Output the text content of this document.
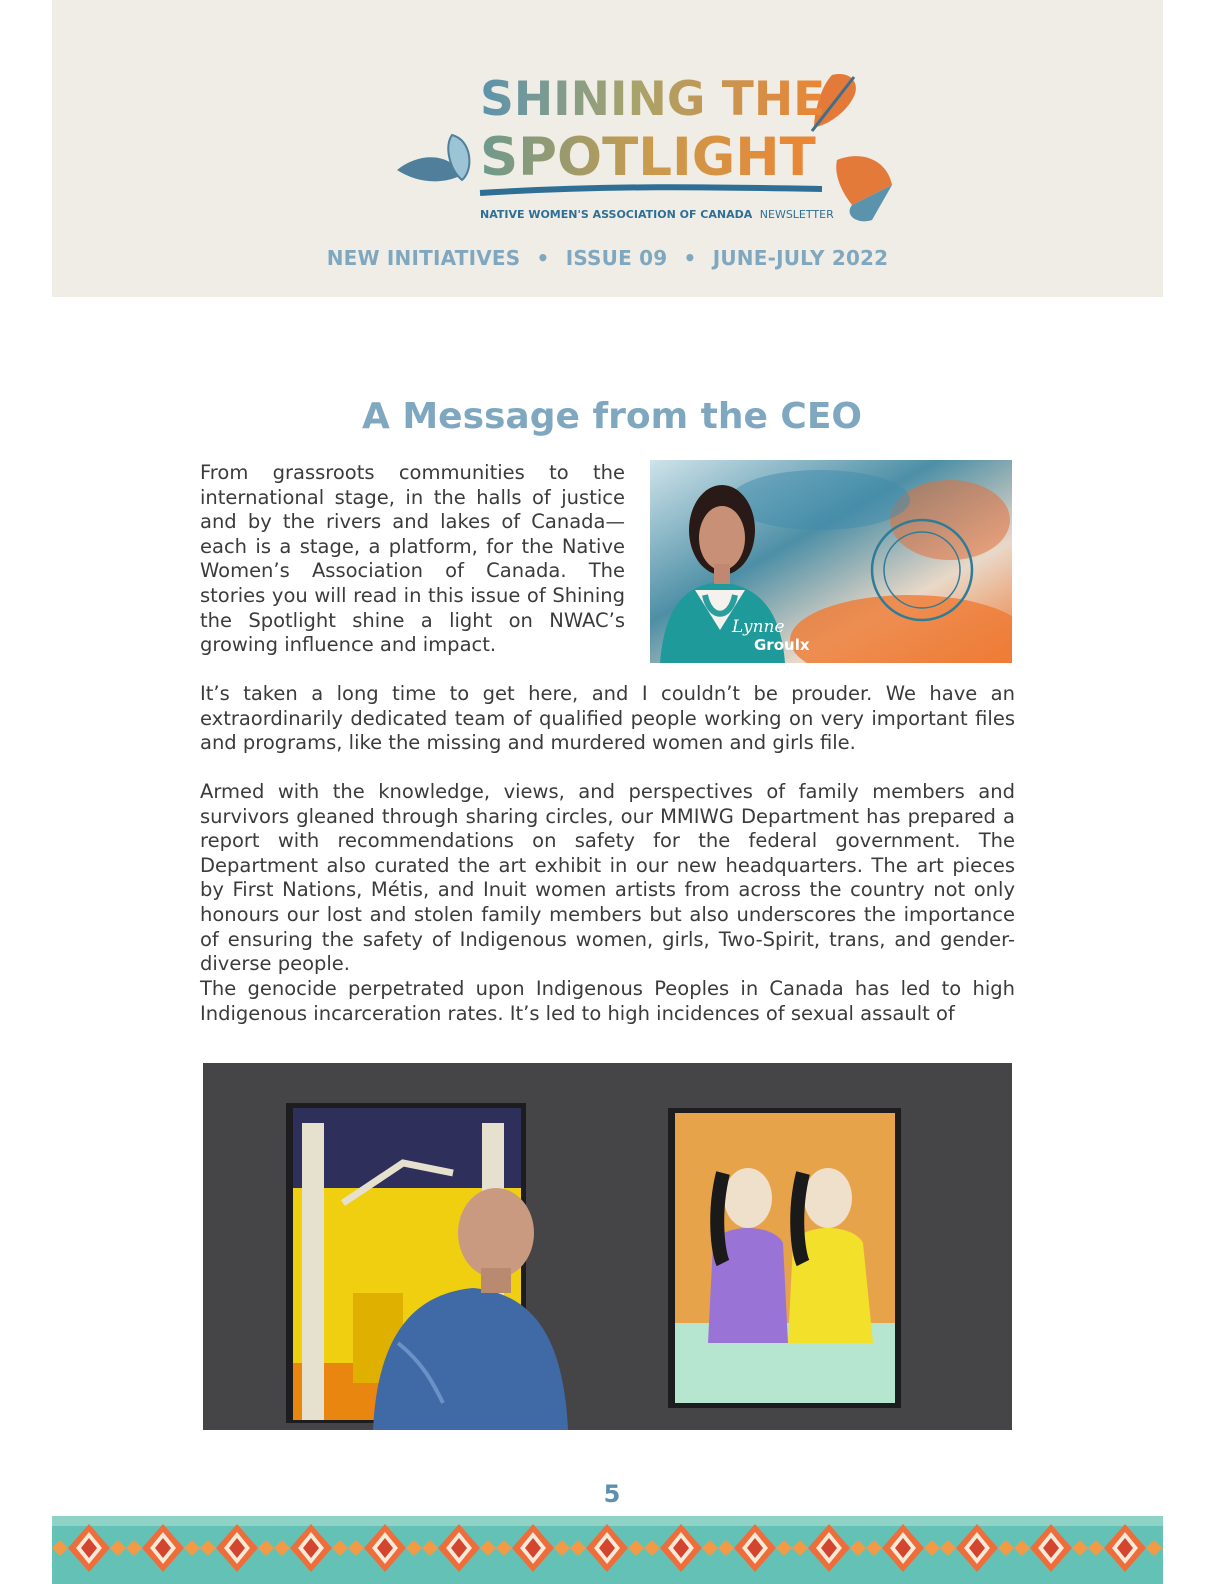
SHINING THE
SPOTLIGHT
NATIVE WOMEN'S ASSOCIATION OF CANADA NEWSLETTER
NEW INITIATIVES • ISSUE 09 • JUNE-JULY 2022
A Message from the CEO

From grassroots communities to the international stage, in the halls of justice and by the rivers and lakes of Canada—each is a stage, a platform, for the Native Women’s Association of Canada. The stories you will read in this issue of Shining the Spotlight shine a light on NWAC’s growing influence and impact.

Lynne
Groulx

It’s taken a long time to get here, and I couldn’t be prouder. We have an extraordinarily dedicated team of qualified people working on very important files and programs, like the missing and murdered women and girls file.

Armed with the knowledge, views, and perspectives of family members and survivors gleaned through sharing circles, our MMIWG Department has prepared a report with recommendations on safety for the federal government. The Department also curated the art exhibit in our new headquarters. The art pieces by First Nations, Métis, and Inuit women artists from across the country not only honours our lost and stolen family members but also underscores the importance of ensuring the safety of Indigenous women, girls, Two-Spirit, trans, and gender-diverse people.

The genocide perpetrated upon Indigenous Peoples in Canada has led to high Indigenous incarceration rates. It’s led to high incidences of sexual assault of

5
